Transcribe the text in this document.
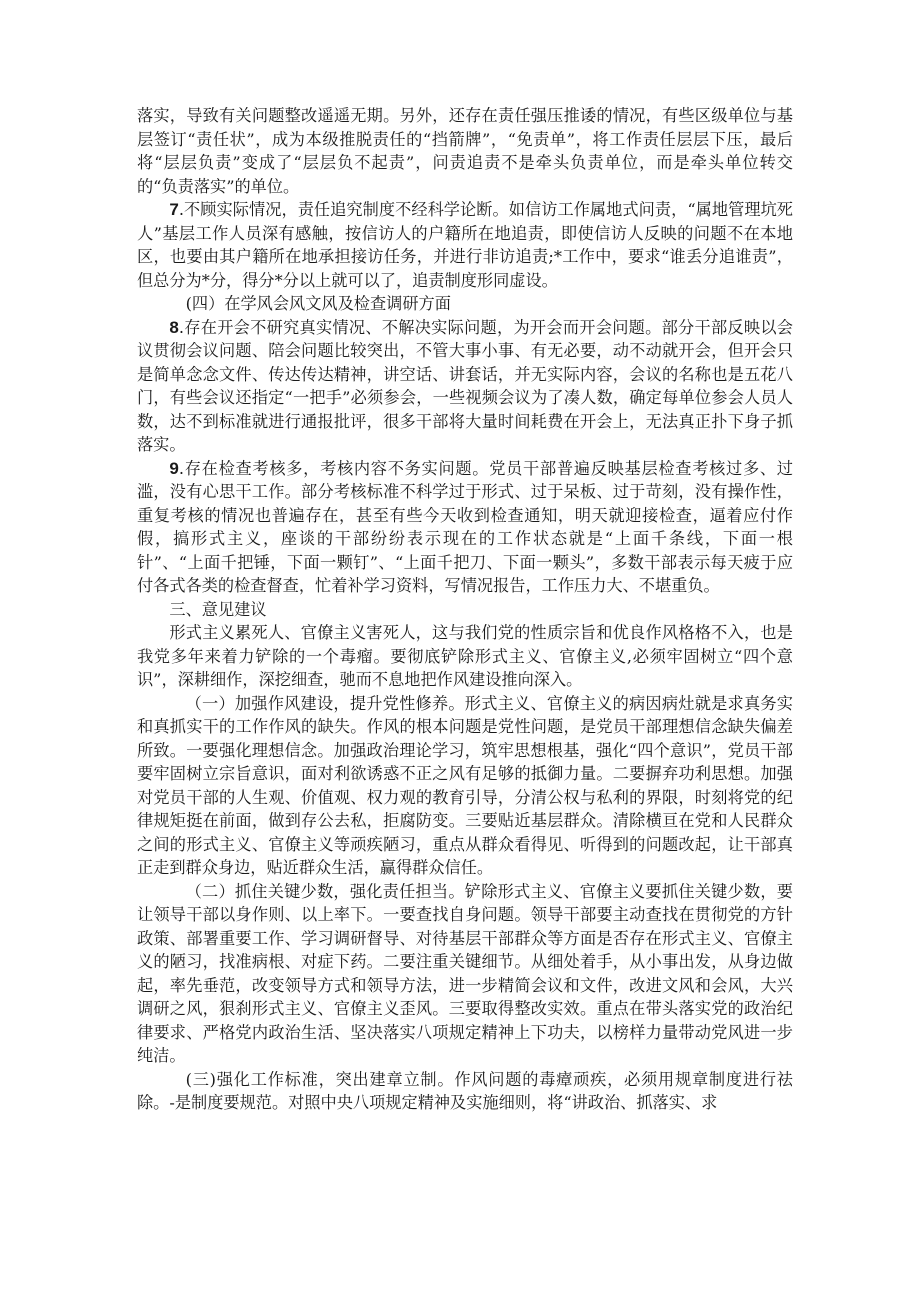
落实，导致有关问题整改遥遥无期。另外，还存在责任强压推诿的情况，有些区级单位与基层签订“责任状”，成为本级推脱责任的“挡箭牌”，“免责单”，将工作责任层层下压，最后将“层层负责”变成了“层层负不起责”，问责追责不是牵头负责单位，而是牵头单位转交的“负责落实”的单位。

7.不顾实际情况，责任追究制度不经科学论断。如信访工作属地式问责，“属地管理坑死人”基层工作人员深有感触，按信访人的户籍所在地追责，即使信访人反映的问题不在本地区，也要由其户籍所在地承担接访任务，并进行非访追责;*工作中，要求“谁丢分追谁责”，但总分为*分，得分*分以上就可以了，追责制度形同虚设。

(四）在学风会风文风及检查调研方面

8.存在开会不研究真实情况、不解决实际问题，为开会而开会问题。部分干部反映以会议贯彻会议问题、陪会问题比较突出，不管大事小事、有无必要，动不动就开会，但开会只是简单念念文件、传达传达精神，讲空话、讲套话，并无实际内容，会议的名称也是五花八门，有些会议还指定“一把手”必须参会，一些视频会议为了凑人数，确定每单位参会人员人数，达不到标准就进行通报批评，很多干部将大量时间耗费在开会上，无法真正扑下身子抓落实。

9.存在检查考核多，考核内容不务实问题。党员干部普遍反映基层检查考核过多、过滥，没有心思干工作。部分考核标准不科学过于形式、过于呆板、过于苛刻，没有操作性，重复考核的情况也普遍存在，甚至有些今天收到检查通知，明天就迎接检查，逼着应付作假，搞形式主义，座谈的干部纷纷表示现在的工作状态就是“上面千条线，下面一根针”、“上面千把锤，下面一颗钉”、“上面千把刀、下面一颗头”，多数干部表示每天疲于应付各式各类的检查督查，忙着补学习资料，写情况报告，工作压力大、不堪重负。

三、意见建议

形式主义累死人、官僚主义害死人，这与我们党的性质宗旨和优良作风格格不入，也是我党多年来着力铲除的一个毒瘤。要彻底铲除形式主义、官僚主义,必须牢固树立“四个意识”，深耕细作，深挖细查，驰而不息地把作风建设推向深入。

（一）加强作风建设，提升党性修养。形式主义、官僚主义的病因病灶就是求真务实和真抓实干的工作作风的缺失。作风的根本问题是党性问题，是党员干部理想信念缺失偏差所致。一要强化理想信念。加强政治理论学习，筑牢思想根基，强化“四个意识”，党员干部要牢固树立宗旨意识，面对利欲诱惑不正之风有足够的抵御力量。二要摒弃功利思想。加强对党员干部的人生观、价值观、权力观的教育引导，分清公权与私利的界限，时刻将党的纪律规矩挺在前面，做到存公去私，拒腐防变。三要贴近基层群众。清除横亘在党和人民群众之间的形式主义、官僚主义等顽疾陋习，重点从群众看得见、听得到的问题改起，让干部真正走到群众身边，贴近群众生活，赢得群众信任。

（二）抓住关键少数，强化责任担当。铲除形式主义、官僚主义要抓住关键少数，要让领导干部以身作则、以上率下。一要查找自身问题。领导干部要主动查找在贯彻党的方针政策、部署重要工作、学习调研督导、对待基层干部群众等方面是否存在形式主义、官僚主义的陋习，找准病根、对症下药。二要注重关键细节。从细处着手，从小事出发，从身边做起，率先垂范，改变领导方式和领导方法，进一步精简会议和文件，改进文风和会风，大兴调研之风，狠刹形式主义、官僚主义歪风。三要取得整改实效。重点在带头落实党的政治纪律要求、严格党内政治生活、坚决落实八项规定精神上下功夫，以榜样力量带动党风进一步纯洁。

(三)强化工作标准，突出建章立制。作风问题的毒瘴顽疾，必须用规章制度进行祛除。-是制度要规范。对照中央八项规定精神及实施细则，将“讲政治、抓落实、求
